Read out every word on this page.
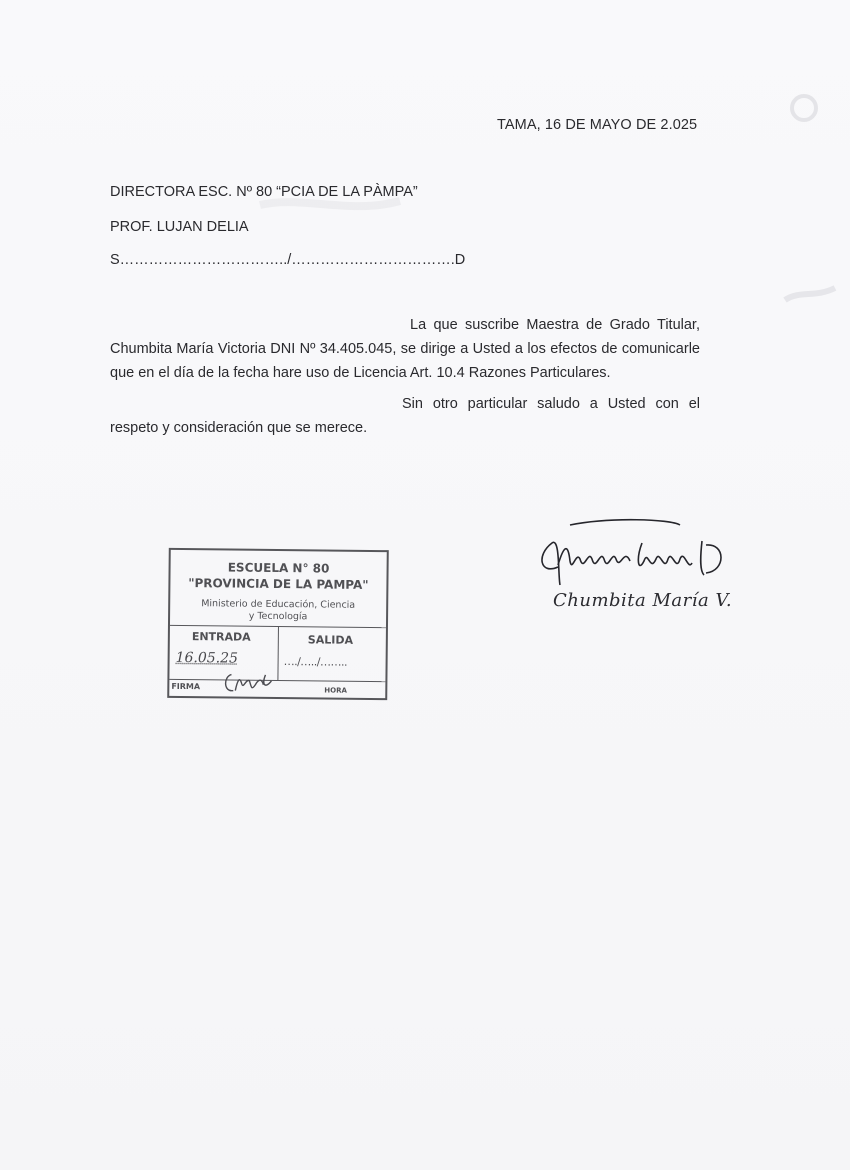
TAMA, 16 DE MAYO DE 2.025
DIRECTORA ESC. Nº 80 “PCIA DE LA PÀMPA”
PROF. LUJAN DELIA
S……………………………../…………………………….D
La que suscribe Maestra de Grado Titular, Chumbita María Victoria DNI Nº 34.405.045, se dirige a Usted a los efectos de comunicarle que en el día de la fecha hare uso de Licencia Art. 10.4 Razones Particulares.
Sin otro particular saludo a Usted con el respeto y consideración que se merece.
ESCUELA N° 80
"PROVINCIA DE LA PAMPA"
Ministerio de Educación, Ciencia
y Tecnología
ENTRADA	SALIDA
16.05.25	…./…../……..
FIRMA	HORA
Chumbita María V.
